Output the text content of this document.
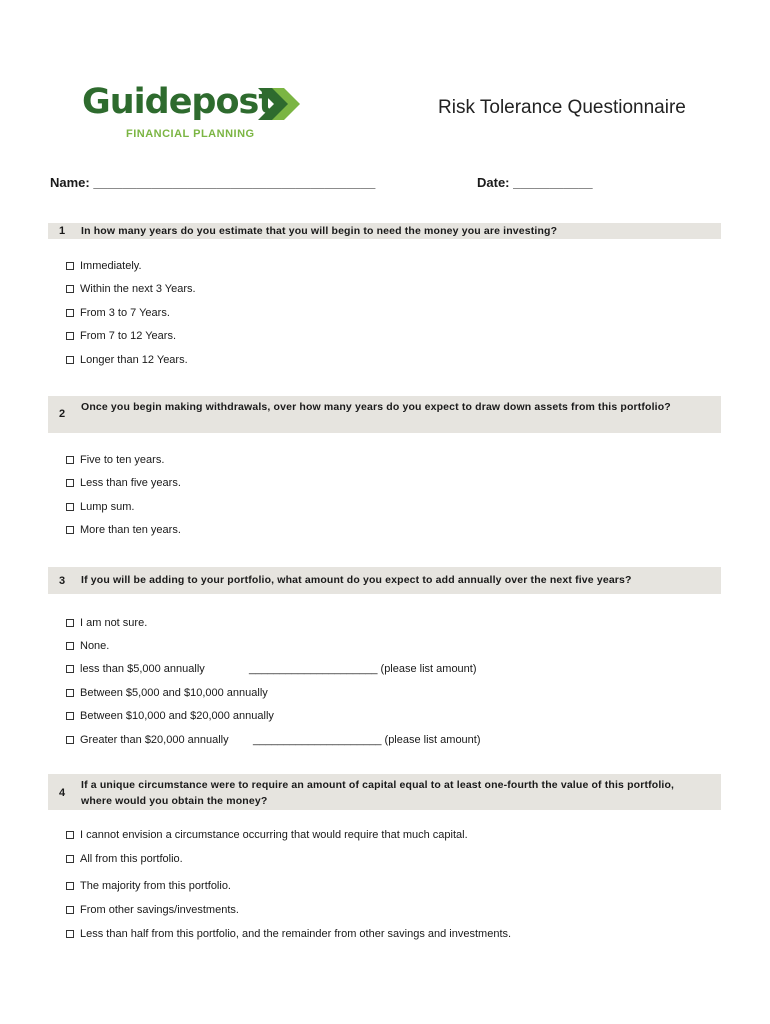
Guidepost
FINANCIAL PLANNING
Risk Tolerance Questionnaire
Name: _______________________________________	Date: ___________
1 In how many years do you estimate that you will begin to need the money you are investing?
Immediately.
Within the next 3 Years.
From 3 to 7 Years.
From 7 to 12 Years.
Longer than 12 Years.
2
Once you begin making withdrawals, over how many years do you expect to draw down assets from this portfolio?
Five to ten years.
Less than five years.
Lump sum.
More than ten years.
3 If you will be adding to your portfolio, what amount do you expect to add annually over the next five years?
I am not sure.
None.
less than $5,000 annually	_____________________ (please list amount)
Between $5,000 and $10,000 annually
Between $10,000 and $20,000 annually
Greater than $20,000 annually _____________________ (please list amount)
4
If a unique circumstance were to require an amount of capital equal to at least one-fourth the value of this portfolio, where would you obtain the money?
I cannot envision a circumstance occurring that would require that much capital.
All from this portfolio.
The majority from this portfolio.
From other savings/investments.
Less than half from this portfolio, and the remainder from other savings and investments.
